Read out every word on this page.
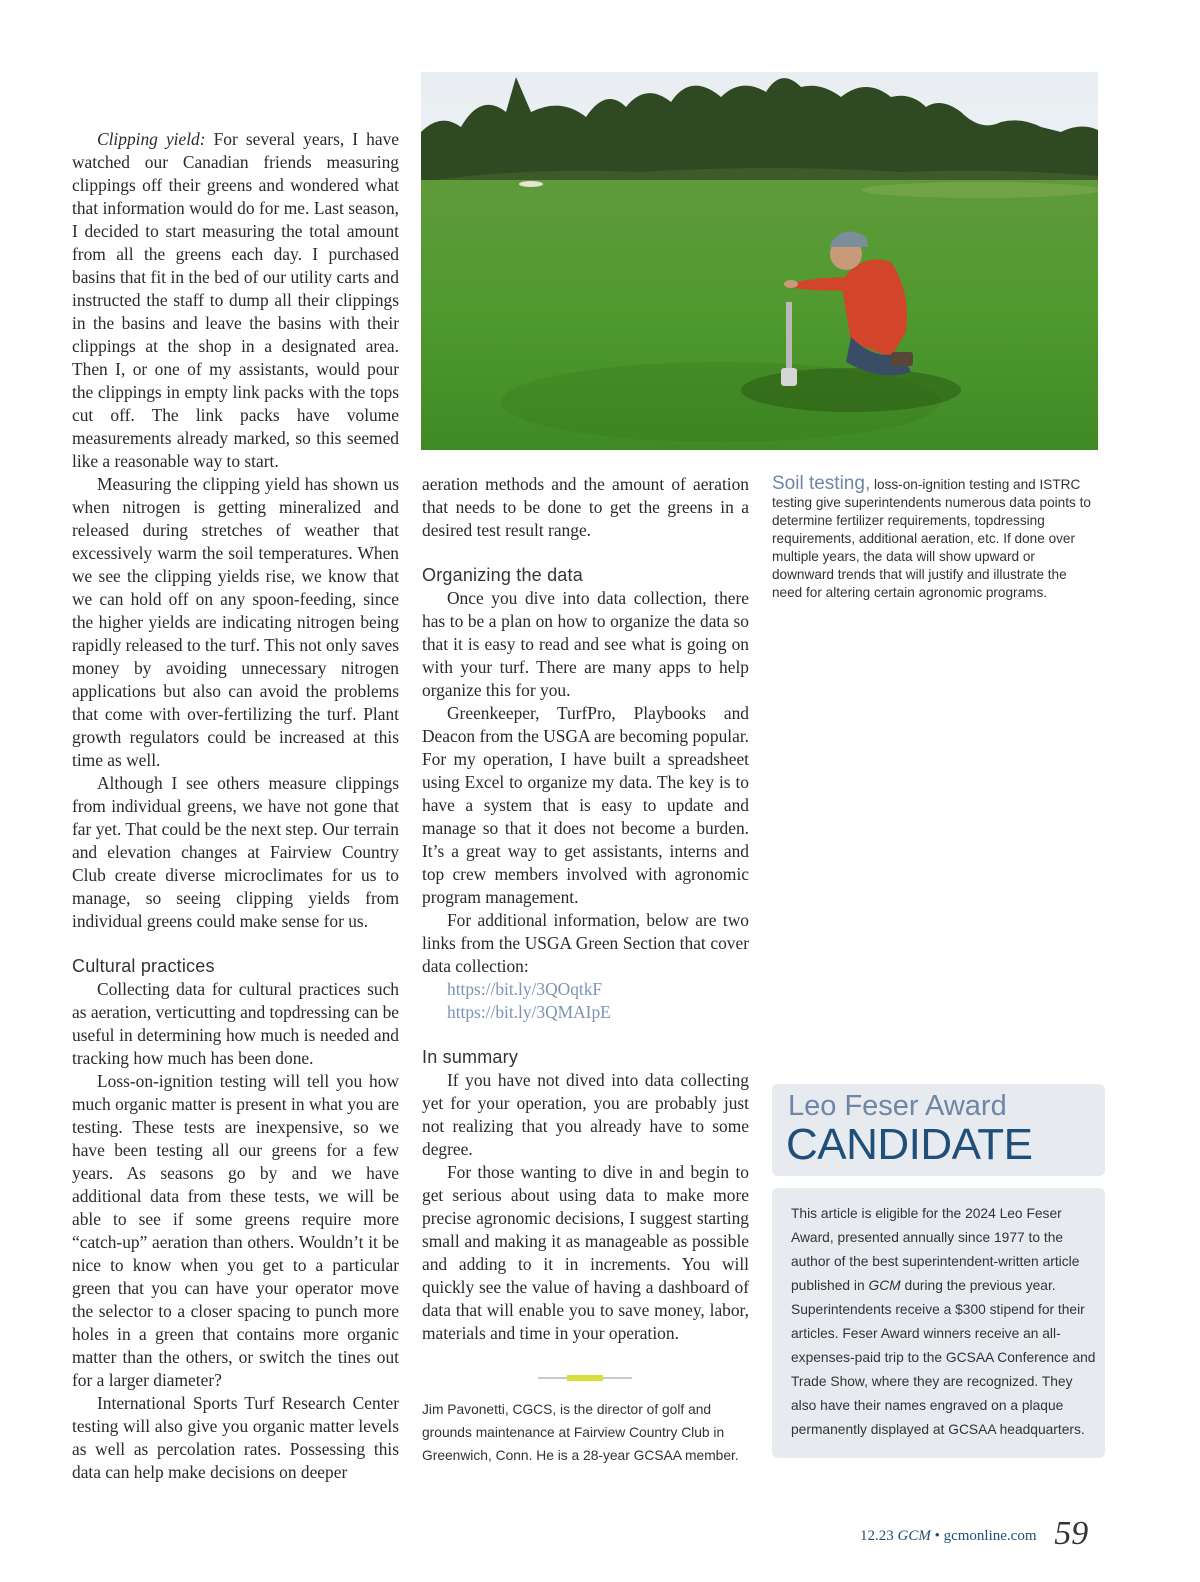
Clipping yield: For several years, I have watched our Canadian friends measuring clippings off their greens and wondered what that information would do for me. Last season, I decided to start measuring the total amount from all the greens each day. I purchased basins that fit in the bed of our utility carts and instructed the staff to dump all their clippings in the basins and leave the basins with their clippings at the shop in a designated area. Then I, or one of my assistants, would pour the clippings in empty link packs with the tops cut off. The link packs have volume measurements already marked, so this seemed like a reasonable way to start.

Measuring the clipping yield has shown us when nitrogen is getting mineralized and released during stretches of weather that excessively warm the soil temperatures. When we see the clipping yields rise, we know that we can hold off on any spoon-feeding, since the higher yields are indicating nitrogen being rapidly released to the turf. This not only saves money by avoiding unnecessary nitrogen applications but also can avoid the problems that come with over-fertilizing the turf. Plant growth regulators could be increased at this time as well.

Although I see others measure clippings from individual greens, we have not gone that far yet. That could be the next step. Our terrain and elevation changes at Fairview Country Club create diverse microclimates for us to manage, so seeing clipping yields from individual greens could make sense for us.

Cultural practices

Collecting data for cultural practices such as aeration, verticutting and topdressing can be useful in determining how much is needed and tracking how much has been done.

Loss-on-ignition testing will tell you how much organic matter is present in what you are testing. These tests are inexpensive, so we have been testing all our greens for a few years. As seasons go by and we have additional data from these tests, we will be able to see if some greens require more “catch-up” aeration than others. Wouldn’t it be nice to know when you get to a particular green that you can have your operator move the selector to a closer spacing to punch more holes in a green that contains more organic matter than the others, or switch the tines out for a larger diameter?

International Sports Turf Research Center testing will also give you organic matter levels as well as percolation rates. Possessing this data can help make decisions on deeper

Soil testing, loss-on-ignition testing and ISTRC testing give superintendents numerous data points to determine fertilizer requirements, topdressing requirements, additional aeration, etc. If done over multiple years, the data will show upward or downward trends that will justify and illustrate the need for altering certain agronomic programs.

aeration methods and the amount of aeration that needs to be done to get the greens in a desired test result range.

Organizing the data

Once you dive into data collection, there has to be a plan on how to organize the data so that it is easy to read and see what is going on with your turf. There are many apps to help organize this for you.

Greenkeeper, TurfPro, Playbooks and Deacon from the USGA are becoming popular. For my operation, I have built a spreadsheet using Excel to organize my data. The key is to have a system that is easy to update and manage so that it does not become a burden. It’s a great way to get assistants, interns and top crew members involved with agronomic program management.

For additional information, below are two links from the USGA Green Section that cover data collection:

https://bit.ly/3QOqtkF
https://bit.ly/3QMAIpE
In summary

If you have not dived into data collecting yet for your operation, you are probably just not realizing that you already have to some degree.

For those wanting to dive in and begin to get serious about using data to make more precise agronomic decisions, I suggest starting small and making it as manageable as possible and adding to it in increments. You will quickly see the value of having a dashboard of data that will enable you to save money, labor, materials and time in your operation.

Jim Pavonetti, CGCS, is the director of golf and grounds maintenance at Fairview Country Club in Greenwich, Conn. He is a 28-year GCSAA member.
Leo Feser Award
CANDIDATE
This article is eligible for the 2024 Leo Feser Award, presented annually since 1977 to the author of the best superintendent-written article published in GCM during the previous year. Superintendents receive a $300 stipend for their articles. Feser Award winners receive an all-expenses-paid trip to the GCSAA Conference and Trade Show, where they are recognized. They also have their names engraved on a plaque permanently displayed at GCSAA headquarters.
12.23 GCM • gcmonline.com 59
